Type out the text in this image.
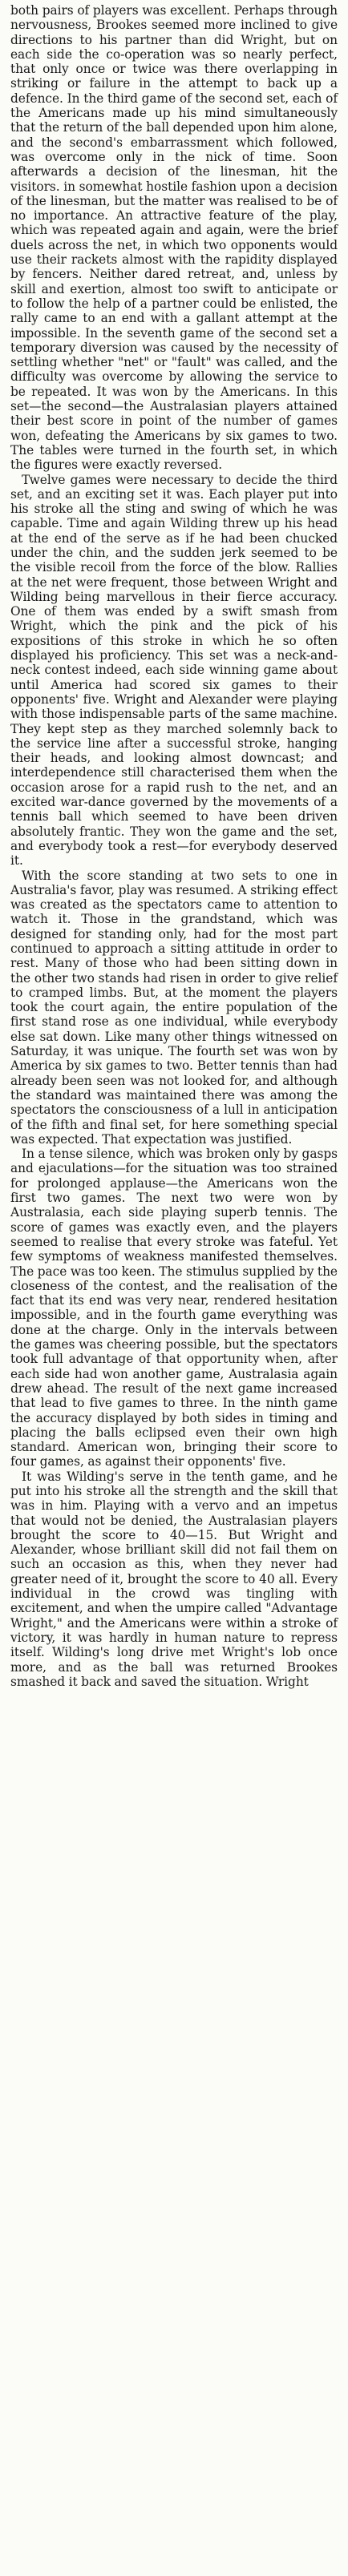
both pairs of players was excellent. Perhaps through nervousness, Brookes seemed more inclined to give directions to his partner than did Wright, but on each side the co-operation was so nearly perfect, that only once or twice was there overlapping in striking or failure in the attempt to back up a defence. In the third game of the second set, each of the Americans made up his mind simultaneously that the return of the ball depended upon him alone, and the second's embarrassment which followed, was overcome only in the nick of time. Soon afterwards a decision of the linesman, hit the visitors. in somewhat hostile fashion upon a decision of the linesman, but the matter was realised to be of no importance. An attractive feature of the play, which was repeated again and again, were the brief duels across the net, in which two opponents would use their rackets almost with the rapidity displayed by fencers. Neither dared retreat, and, unless by skill and exertion, almost too swift to anticipate or to follow the help of a partner could be enlisted, the rally came to an end with a gallant attempt at the impossible. In the seventh game of the second set a temporary diversion was caused by the necessity of settling whether "net" or "fault" was called, and the difficulty was overcome by allowing the service to be repeated. It was won by the Americans. In this set—the second—the Australasian players attained their best score in point of the number of games won, defeating the Americans by six games to two. The tables were turned in the fourth set, in which the figures were exactly reversed.

Twelve games were necessary to decide the third set, and an exciting set it was. Each player put into his stroke all the sting and swing of which he was capable. Time and again Wilding threw up his head at the end of the serve as if he had been chucked under the chin, and the sudden jerk seemed to be the visible recoil from the force of the blow. Rallies at the net were frequent, those between Wright and Wilding being marvellous in their fierce accuracy. One of them was ended by a swift smash from Wright, which the pink and the pick of his expositions of this stroke in which he so often displayed his proficiency. This set was a neck-and-neck contest indeed, each side winning game about until America had scored six games to their opponents' five. Wright and Alexander were playing with those indispensable parts of the same machine. They kept step as they marched solemnly back to the service line after a successful stroke, hanging their heads, and looking almost downcast; and interdependence still characterised them when the occasion arose for a rapid rush to the net, and an excited war-dance governed by the movements of a tennis ball which seemed to have been driven absolutely frantic. They won the game and the set, and everybody took a rest—for everybody deserved it.

With the score standing at two sets to one in Australia's favor, play was resumed. A striking effect was created as the spectators came to attention to watch it. Those in the grandstand, which was designed for standing only, had for the most part continued to approach a sitting attitude in order to rest. Many of those who had been sitting down in the other two stands had risen in order to give relief to cramped limbs. But, at the moment the players took the court again, the entire population of the first stand rose as one individual, while everybody else sat down. Like many other things witnessed on Saturday, it was unique. The fourth set was won by America by six games to two. Better tennis than had already been seen was not looked for, and although the standard was maintained there was among the spectators the consciousness of a lull in anticipation of the fifth and final set, for here something special was expected. That expectation was justified.

In a tense silence, which was broken only by gasps and ejaculations—for the situation was too strained for prolonged applause—the Americans won the first two games. The next two were won by Australasia, each side playing superb tennis. The score of games was exactly even, and the players seemed to realise that every stroke was fateful. Yet few symptoms of weakness manifested themselves. The pace was too keen. The stimulus supplied by the closeness of the contest, and the realisation of the fact that its end was very near, rendered hesitation impossible, and in the fourth game everything was done at the charge. Only in the intervals between the games was cheering possible, but the spectators took full advantage of that opportunity when, after each side had won another game, Australasia again drew ahead. The result of the next game increased that lead to five games to three. In the ninth game the accuracy displayed by both sides in timing and placing the balls eclipsed even their own high standard. American won, bringing their score to four games, as against their opponents' five.

It was Wilding's serve in the tenth game, and he put into his stroke all the strength and the skill that was in him. Playing with a vervo and an impetus that would not be denied, the Australasian players brought the score to 40—15. But Wright and Alexander, whose brilliant skill did not fail them on such an occasion as this, when they never had greater need of it, brought the score to 40 all. Every individual in the crowd was tingling with excitement, and when the umpire called "Advantage Wright," and the Americans were within a stroke of victory, it was hardly in human nature to repress itself. Wilding's long drive met Wright's lob once more, and as the ball was returned Brookes smashed it back and saved the situation. Wright
